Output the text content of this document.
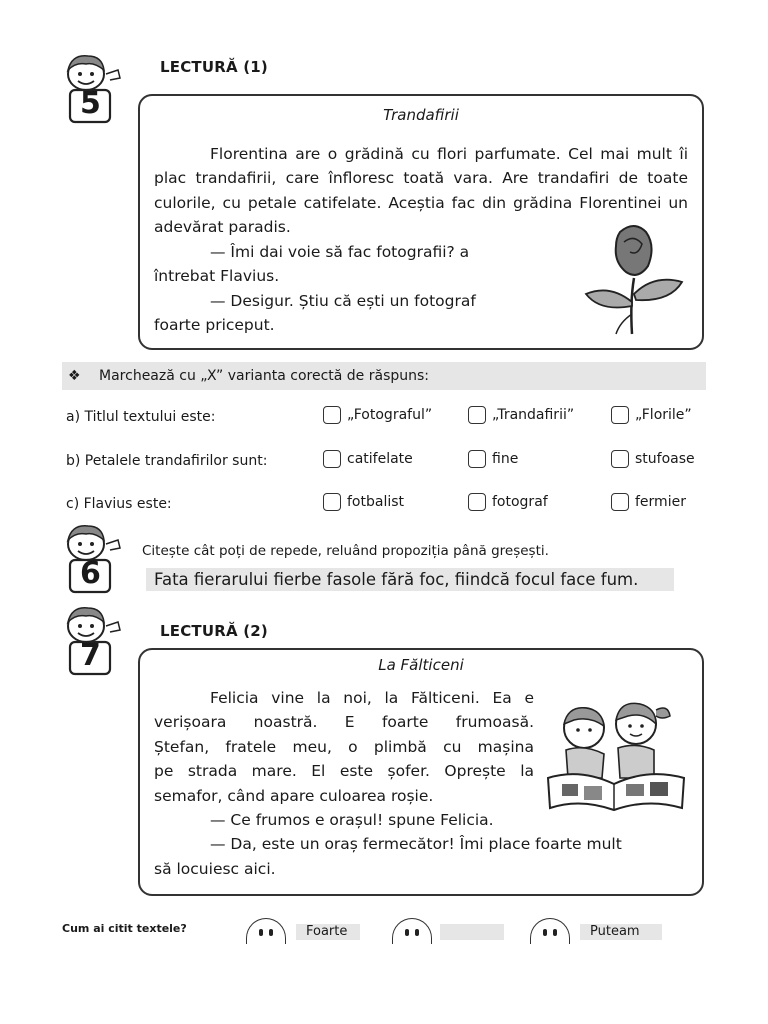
5
LECTURĂ (1)
Trandafirii

Florentina are o grădină cu flori parfumate. Cel mai mult îi plac trandafirii, care înfloresc toată vara. Are trandafiri de toate culorile, cu petale catifelate. Aceștia fac din grădina Florentinei un adevărat paradis.

— Îmi dai voie să fac fotografii? a

întrebat Flavius.

— Desigur. Știu că ești un fotograf

foarte priceput.

❖ Marchează cu „X” varianta corectă de răspuns:
a) Titlul textului este:	„Fotograful”	„Trandafirii”	„Florile”
b) Petalele trandafirilor sunt:	catifelate	fine	stufoase
c) Flavius este:	fotbalist	fotograf	fermier
6
Citește cât poți de repede, reluând propoziția până greșești.
Fata fierarului fierbe fasole fără foc, fiindcă focul face fum.
7
LECTURĂ (2)
La Fălticeni

Felicia vine la noi, la Fălticeni. Ea e

verișoara noastră. E foarte frumoasă.

Ștefan, fratele meu, o plimbă cu mașina

pe strada mare. El este șofer. Oprește la

semafor, când apare culoarea roșie.

— Ce frumos e orașul! spune Felicia.

— Da, este un oraș fermecător! Îmi place foarte mult

să locuiesc aici.

Cum ai citit textele?	Foarte	Puteam
